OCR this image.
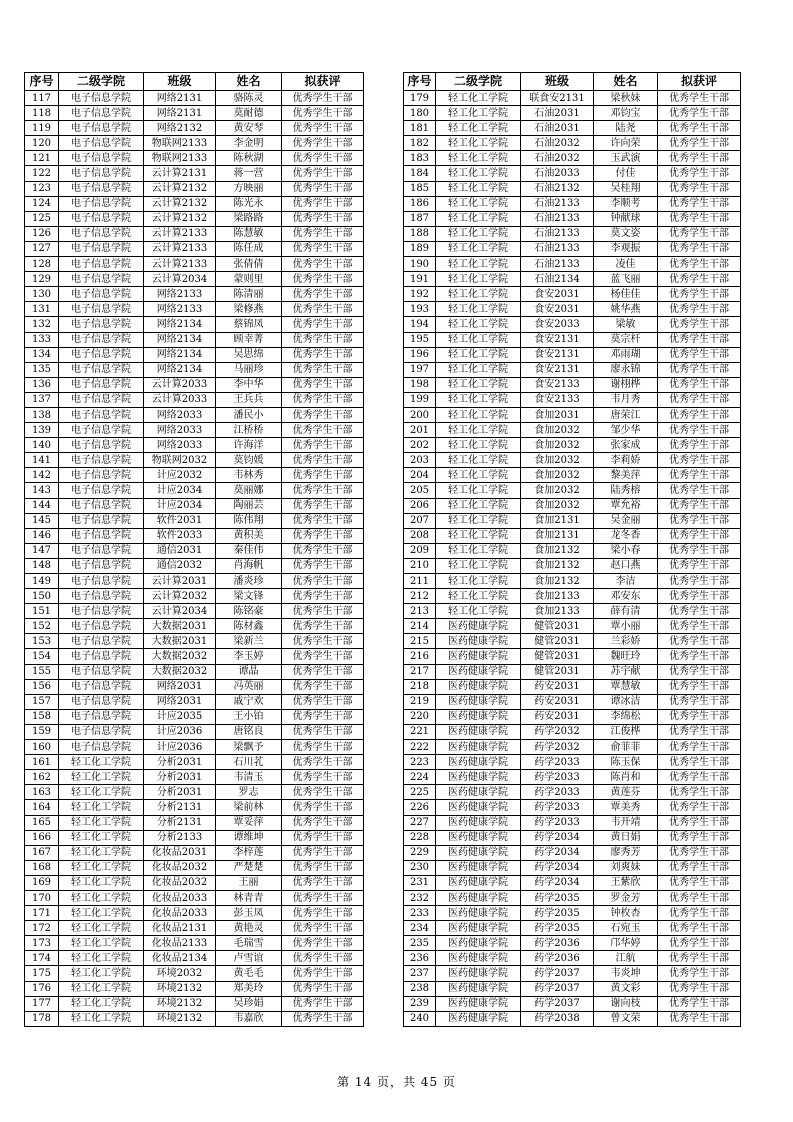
序号	二级学院	班级	姓名	拟获评
117	电子信息学院	网络2131	骆陈灵	优秀学生干部
118	电子信息学院	网络2131	莫耐德	优秀学生干部
119	电子信息学院	网络2132	黄安琴	优秀学生干部
120	电子信息学院	物联网2133	李金明	优秀学生干部
121	电子信息学院	物联网2133	陈秋湖	优秀学生干部
122	电子信息学院	云计算2131	蒋一营	优秀学生干部
123	电子信息学院	云计算2132	方映丽	优秀学生干部
124	电子信息学院	云计算2132	陈光永	优秀学生干部
125	电子信息学院	云计算2132	梁路路	优秀学生干部
126	电子信息学院	云计算2133	陈慧敏	优秀学生干部
127	电子信息学院	云计算2133	陈任成	优秀学生干部
128	电子信息学院	云计算2133	张倩倩	优秀学生干部
129	电子信息学院	云计算2034	蒙则里	优秀学生干部
130	电子信息学院	网络2133	陈清丽	优秀学生干部
131	电子信息学院	网络2133	梁修燕	优秀学生干部
132	电子信息学院	网络2134	蔡锦凤	优秀学生干部
133	电子信息学院	网络2134	顾幸菁	优秀学生干部
134	电子信息学院	网络2134	吴思绵	优秀学生干部
135	电子信息学院	网络2134	马丽珍	优秀学生干部
136	电子信息学院	云计算2033	李中华	优秀学生干部
137	电子信息学院	云计算2033	王兵兵	优秀学生干部
138	电子信息学院	网络2033	潘民小	优秀学生干部
139	电子信息学院	网络2033	江桥桥	优秀学生干部
140	电子信息学院	网络2033	许海洋	优秀学生干部
141	电子信息学院	物联网2032	莫钧媛	优秀学生干部
142	电子信息学院	计应2032	韦林秀	优秀学生干部
143	电子信息学院	计应2034	莫丽娜	优秀学生干部
144	电子信息学院	计应2034	陶丽芸	优秀学生干部
145	电子信息学院	软件2031	陈伟翔	优秀学生干部
146	电子信息学院	软件2033	黄积美	优秀学生干部
147	电子信息学院	通信2031	秦佳伟	优秀学生干部
148	电子信息学院	通信2032	肖海帆	优秀学生干部
149	电子信息学院	云计算2031	潘炎珍	优秀学生干部
150	电子信息学院	云计算2032	梁文锋	优秀学生干部
151	电子信息学院	云计算2034	陈铭豪	优秀学生干部
152	电子信息学院	大数据2031	陈材鑫	优秀学生干部
153	电子信息学院	大数据2031	梁新兰	优秀学生干部
154	电子信息学院	大数据2032	李玉婷	优秀学生干部
155	电子信息学院	大数据2032	谭晶	优秀学生干部
156	电子信息学院	网络2031	冯英丽	优秀学生干部
157	电子信息学院	网络2031	戚宁欢	优秀学生干部
158	电子信息学院	计应2035	王小铂	优秀学生干部
159	电子信息学院	计应2036	唐铭良	优秀学生干部
160	电子信息学院	计应2036	梁飘予	优秀学生干部
161	轻工化工学院	分析2031	石川芤	优秀学生干部
162	轻工化工学院	分析2031	韦清玉	优秀学生干部
163	轻工化工学院	分析2031	罗志	优秀学生干部
164	轻工化工学院	分析2131	梁前林	优秀学生干部
165	轻工化工学院	分析2131	覃妥萍	优秀学生干部
166	轻工化工学院	分析2133	谭维坤	优秀学生干部
167	轻工化工学院	化妆品2031	李梓莲	优秀学生干部
168	轻工化工学院	化妆品2032	严楚楚	优秀学生干部
169	轻工化工学院	化妆品2032	王丽	优秀学生干部
170	轻工化工学院	化妆品2033	林青青	优秀学生干部
171	轻工化工学院	化妆品2033	彭玉凤	优秀学生干部
172	轻工化工学院	化妆品2131	黄艳灵	优秀学生干部
173	轻工化工学院	化妆品2133	毛瑞雪	优秀学生干部
174	轻工化工学院	化妆品2134	卢雪谊	优秀学生干部
175	轻工化工学院	环境2032	黄毛毛	优秀学生干部
176	轻工化工学院	环境2132	郑美玲	优秀学生干部
177	轻工化工学院	环境2132	吴珍娟	优秀学生干部
178	轻工化工学院	环境2132	韦嘉欣	优秀学生干部
序号	二级学院	班级	姓名	拟获评
179	轻工化工学院	联食安2131	梁秋妹	优秀学生干部
180	轻工化工学院	石油2031	邓钧宝	优秀学生干部
181	轻工化工学院	石油2031	陆尧	优秀学生干部
182	轻工化工学院	石油2032	许向荣	优秀学生干部
183	轻工化工学院	石油2032	玉武演	优秀学生干部
184	轻工化工学院	石油2033	付佳	优秀学生干部
185	轻工化工学院	石油2132	吴桂翔	优秀学生干部
186	轻工化工学院	石油2133	李顺考	优秀学生干部
187	轻工化工学院	石油2133	钟献球	优秀学生干部
188	轻工化工学院	石油2133	莫文姿	优秀学生干部
189	轻工化工学院	石油2133	李观振	优秀学生干部
190	轻工化工学院	石油2133	凌佳	优秀学生干部
191	轻工化工学院	石油2134	蓝飞丽	优秀学生干部
192	轻工化工学院	食安2031	杨佳佳	优秀学生干部
193	轻工化工学院	食安2031	姚华燕	优秀学生干部
194	轻工化工学院	食安2033	梁敏	优秀学生干部
195	轻工化工学院	食安2131	莫宗杆	优秀学生干部
196	轻工化工学院	食安2131	邓雨瑚	优秀学生干部
197	轻工化工学院	食安2131	廖永锦	优秀学生干部
198	轻工化工学院	食安2133	谢栩桦	优秀学生干部
199	轻工化工学院	食安2133	韦月秀	优秀学生干部
200	轻工化工学院	食加2031	唐荣江	优秀学生干部
201	轻工化工学院	食加2032	邹少华	优秀学生干部
202	轻工化工学院	食加2032	张家成	优秀学生干部
203	轻工化工学院	食加2032	李莉娇	优秀学生干部
204	轻工化工学院	食加2032	黎美萍	优秀学生干部
205	轻工化工学院	食加2032	陆秀榕	优秀学生干部
206	轻工化工学院	食加2032	覃允裕	优秀学生干部
207	轻工化工学院	食加2131	吴金丽	优秀学生干部
208	轻工化工学院	食加2131	龙冬香	优秀学生干部
209	轻工化工学院	食加2132	梁小春	优秀学生干部
210	轻工化工学院	食加2132	赵口燕	优秀学生干部
211	轻工化工学院	食加2132	李洁	优秀学生干部
212	轻工化工学院	食加2133	邓安东	优秀学生干部
213	轻工化工学院	食加2133	薛有清	优秀学生干部
214	医药健康学院	健管2031	覃小丽	优秀学生干部
215	医药健康学院	健管2031	兰彩娇	优秀学生干部
216	医药健康学院	健管2031	魏旺玲	优秀学生干部
217	医药健康学院	健管2031	苏宇献	优秀学生干部
218	医药健康学院	药安2031	覃慧敏	优秀学生干部
219	医药健康学院	药安2031	谭冰洁	优秀学生干部
220	医药健康学院	药安2031	李绵松	优秀学生干部
221	医药健康学院	药学2032	江俊桦	优秀学生干部
222	医药健康学院	药学2032	俞菲菲	优秀学生干部
223	医药健康学院	药学2033	陈玉保	优秀学生干部
224	医药健康学院	药学2033	陈肖和	优秀学生干部
225	医药健康学院	药学2033	黄莲芬	优秀学生干部
226	医药健康学院	药学2033	覃美秀	优秀学生干部
227	医药健康学院	药学2033	韦开靖	优秀学生干部
228	医药健康学院	药学2034	黄日娟	优秀学生干部
229	医药健康学院	药学2034	廖秀芳	优秀学生干部
230	医药健康学院	药学2034	刘爽妹	优秀学生干部
231	医药健康学院	药学2034	王紫欣	优秀学生干部
232	医药健康学院	药学2035	罗金芳	优秀学生干部
233	医药健康学院	药学2035	钟枚杏	优秀学生干部
234	医药健康学院	药学2035	石宛玉	优秀学生干部
235	医药健康学院	药学2036	邝华婷	优秀学生干部
236	医药健康学院	药学2036	江航	优秀学生干部
237	医药健康学院	药学2037	韦炎坤	优秀学生干部
238	医药健康学院	药学2037	黄文彩	优秀学生干部
239	医药健康学院	药学2037	谢向枝	优秀学生干部
240	医药健康学院	药学2038	曾文荣	优秀学生干部
第 14 页，共 45 页
